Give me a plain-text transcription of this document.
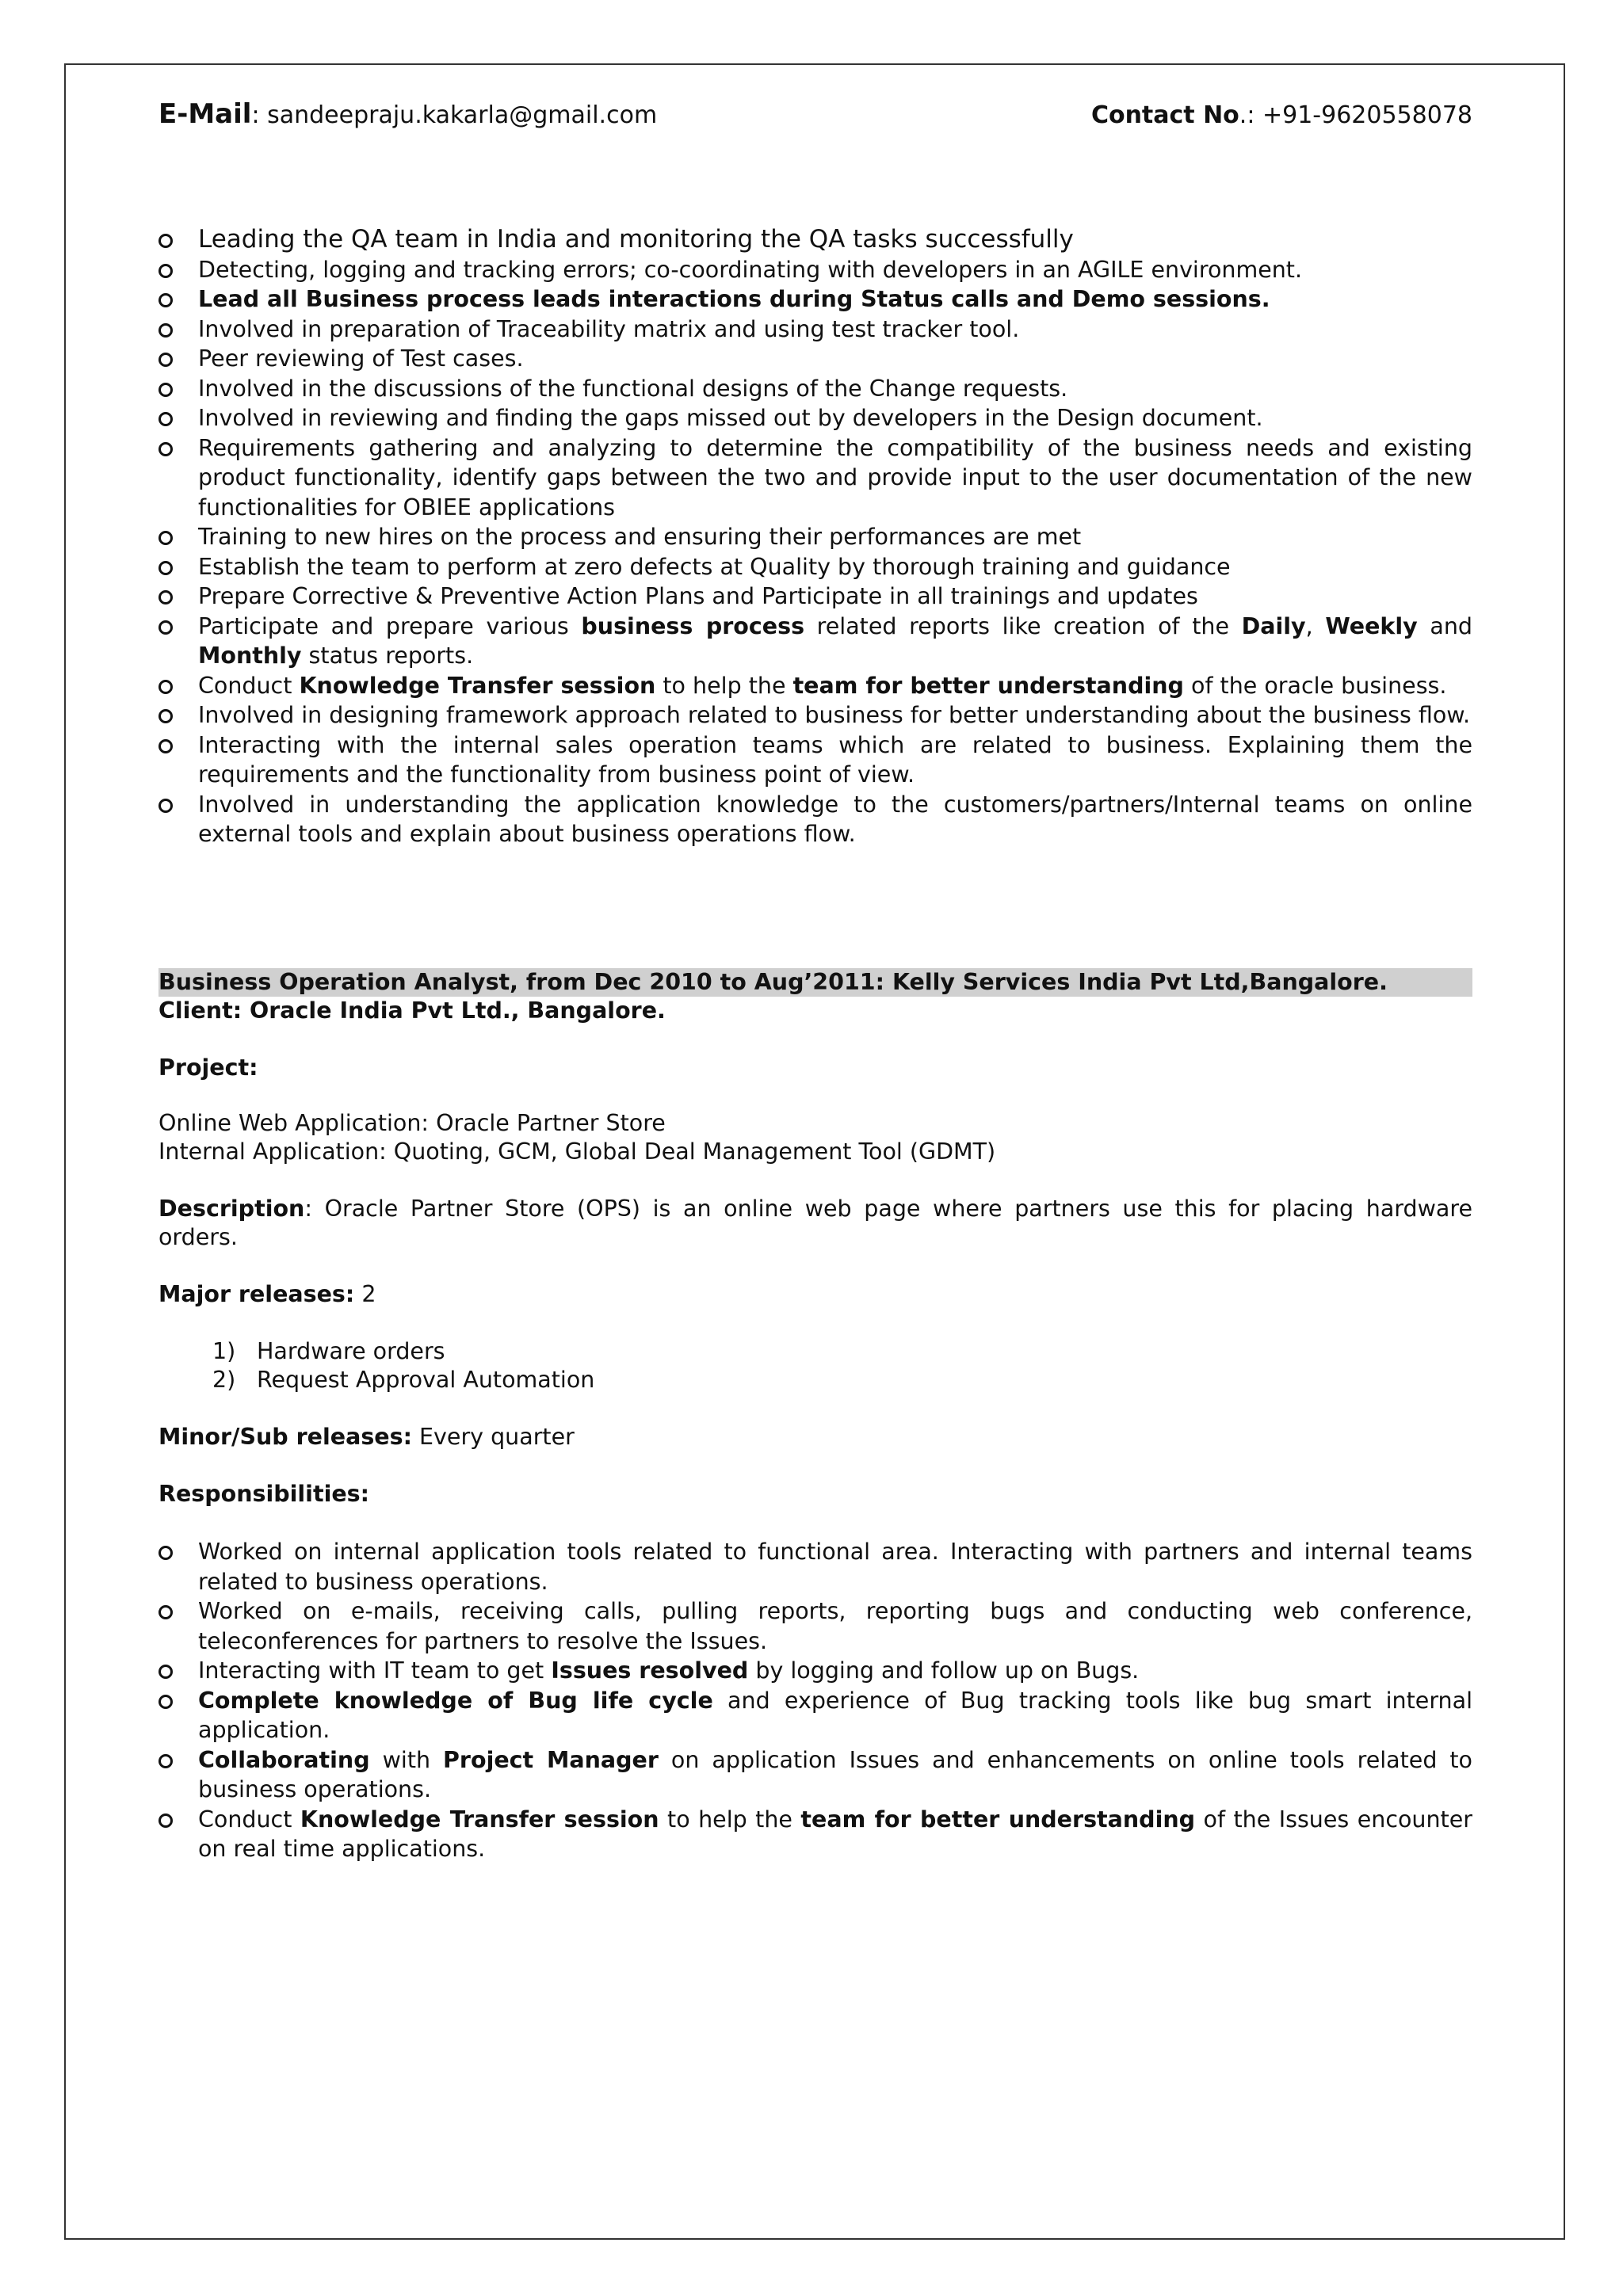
E-Mail: sandeepraju.kakarla@gmail.com	Contact No.: +91-9620558078
Leading the QA team in India and monitoring the QA tasks successfully
Detecting, logging and tracking errors; co-coordinating with developers in an AGILE environment.
Lead all Business process leads interactions during Status calls and Demo sessions.
Involved in preparation of Traceability matrix and using test tracker tool.
Peer reviewing of Test cases.
Involved in the discussions of the functional designs of the Change requests.
Involved in reviewing and finding the gaps missed out by developers in the Design document.
Requirements gathering and analyzing to determine the compatibility of the business needs and existing product functionality, identify gaps between the two and provide input to the user documentation of the new functionalities for OBIEE applications
Training to new hires on the process and ensuring their performances are met
Establish the team to perform at zero defects at Quality by thorough training and guidance
Prepare Corrective & Preventive Action Plans and Participate in all trainings and updates
Participate and prepare various business process related reports like creation of the Daily, Weekly and Monthly status reports.
Conduct Knowledge Transfer session to help the team for better understanding of the oracle business.
Involved in designing framework approach related to business for better understanding about the business flow.
Interacting with the internal sales operation teams which are related to business. Explaining them the requirements and the functionality from business point of view.
Involved in understanding the application knowledge to the customers/partners/Internal teams on online external tools and explain about business operations flow.
Business Operation Analyst, from Dec 2010 to Aug’2011: Kelly Services India Pvt Ltd,Bangalore.
Client: Oracle India Pvt Ltd., Bangalore.
Project:
Online Web Application: Oracle Partner Store
Internal Application: Quoting, GCM, Global Deal Management Tool (GDMT)
Description: Oracle Partner Store (OPS) is an online web page where partners use this for placing hardware orders.
Major releases: 2
1) Hardware orders
2) Request Approval Automation
Minor/Sub releases: Every quarter
Responsibilities:
Worked on internal application tools related to functional area. Interacting with partners and internal teams related to business operations.
Worked on e-mails, receiving calls, pulling reports, reporting bugs and conducting web conference, teleconferences for partners to resolve the Issues.
Interacting with IT team to get Issues resolved by logging and follow up on Bugs.
Complete knowledge of Bug life cycle and experience of Bug tracking tools like bug smart internal application.
Collaborating with Project Manager on application Issues and enhancements on online tools related to business operations.
Conduct Knowledge Transfer session to help the team for better understanding of the Issues encounter on real time applications.
